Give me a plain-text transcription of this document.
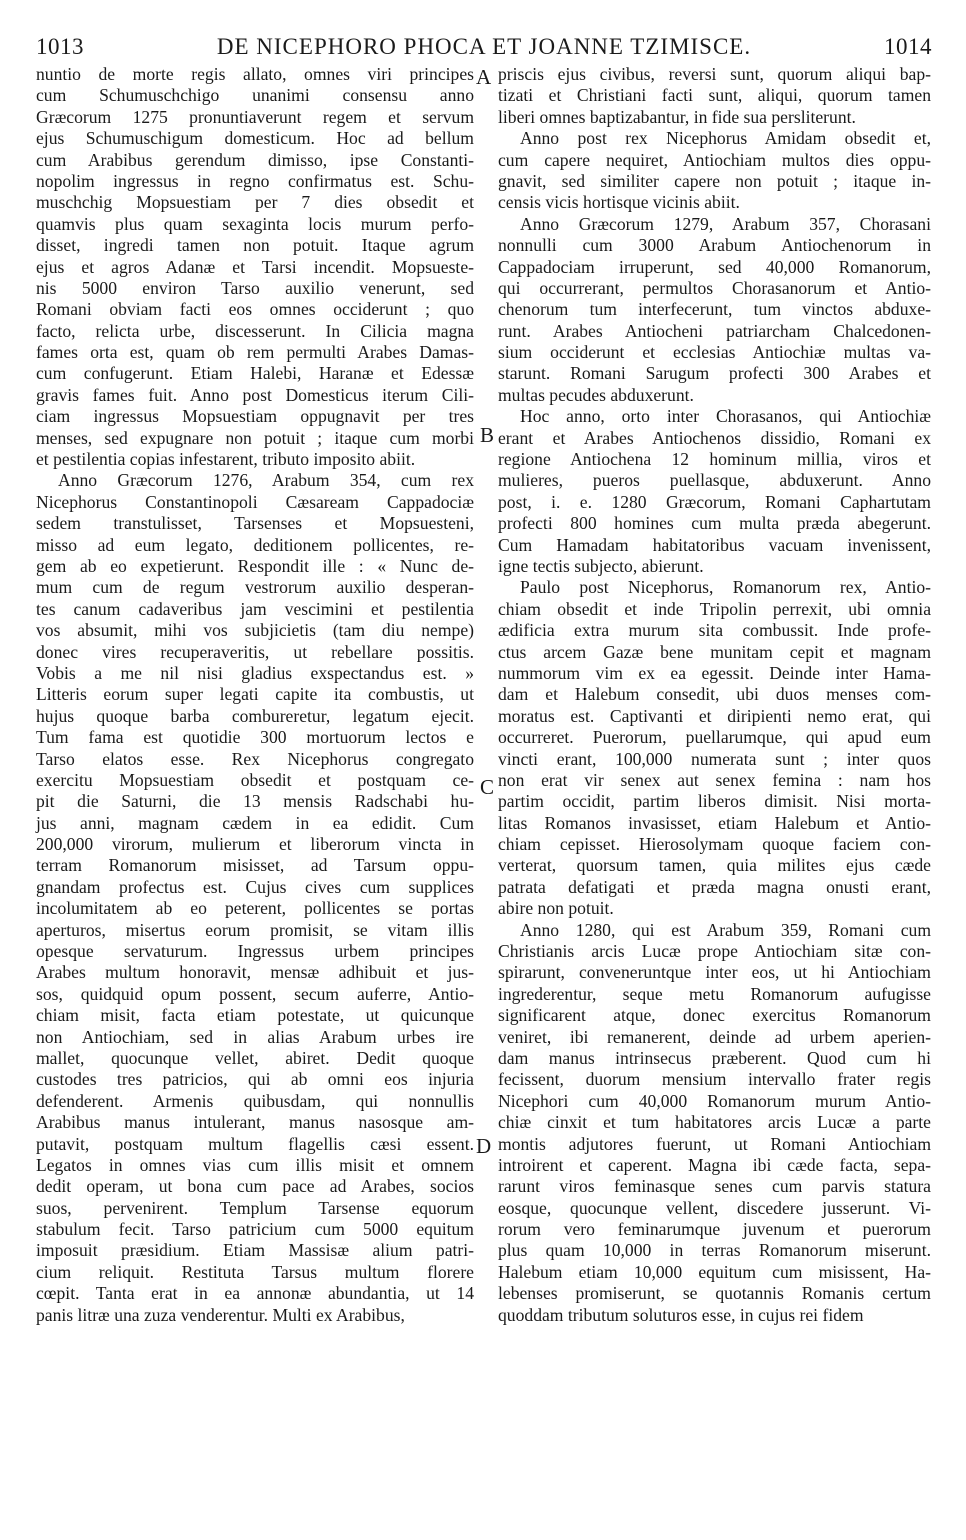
1013	DE NICEPHORO PHOCA ET JOANNE TZIMISCE.	1014
nuntio de morte regis allato, omnes viri principes
cum Schumuschchigo unanimi consensu anno
Græcorum 1275 pronuntiaverunt regem et servum
ejus Schumuschigum domesticum. Hoc ad bellum
cum Arabibus gerendum dimisso, ipse Constanti-
nopolim ingressus in regno confirmatus est. Schu-
muschchig Mopsuestiam per 7 dies obsedit et
quamvis plus quam sexaginta locis murum perfo-
disset, ingredi tamen non potuit. Itaque agrum
ejus et agros Adanæ et Tarsi incendit. Mopsueste-
nis 5000 environ Tarso auxilio venerunt, sed
Romani obviam facti eos omnes occiderunt ; quo
facto, relicta urbe, discesserunt. In Cilicia magna
fames orta est, quam ob rem permulti Arabes Damas-
cum confugerunt. Etiam Halebi, Haranæ et Edessæ
gravis fames fuit. Anno post Domesticus iterum Cili-
ciam ingressus Mopsuestiam oppugnavit per tres
menses, sed expugnare non potuit ; itaque cum morbi
et pestilentia copias infestarent, tributo imposito abiit.
Anno Græcorum 1276, Arabum 354, cum rex
Nicephorus Constantinopoli Cæsaream Cappadociæ
sedem transtulisset, Tarsenses et Mopsuesteni,
misso ad eum legato, deditionem pollicentes, re-
gem ab eo expetierunt. Respondit ille : « Nunc de-
mum cum de regum vestrorum auxilio desperan-
tes canum cadaveribus jam vescimini et pestilentia
vos absumit, mihi vos subjicietis (tam diu nempe)
donec vires recuperaveritis, ut rebellare possitis.
Vobis a me nil nisi gladius exspectandus est. »
Litteris eorum super legati capite ita combustis, ut
hujus quoque barba combureretur, legatum ejecit.
Tum fama est quotidie 300 mortuorum lectos e
Tarso elatos esse. Rex Nicephorus congregato
exercitu Mopsuestiam obsedit et postquam ce-
pit die Saturni, die 13 mensis Radschabi hu-
jus anni, magnam cædem in ea edidit. Cum
200,000 virorum, mulierum et liberorum vincta in
terram Romanorum misisset, ad Tarsum oppu-
gnandam profectus est. Cujus cives cum supplices
incolumitatem ab eo peterent, pollicentes se portas
aperturos, misertus eorum promisit, se vitam illis
opesque servaturum. Ingressus urbem principes
Arabes multum honoravit, mensæ adhibuit et jus-
sos, quidquid opum possent, secum auferre, Antio-
chiam misit, facta etiam potestate, ut quicunque
non Antiochiam, sed in alias Arabum urbes ire
mallet, quocunque vellet, abiret. Dedit quoque
custodes tres patricios, qui ab omni eos injuria
defenderent. Armenis quibusdam, qui nonnullis
Arabibus manus intulerant, manus nasosque am-
putavit, postquam multum flagellis cæsi essent.
Legatos in omnes vias cum illis misit et omnem
dedit operam, ut bona cum pace ad Arabes, socios
suos, pervenirent. Templum Tarsense equorum
stabulum fecit. Tarso patricium cum 5000 equitum
imposuit præsidium. Etiam Massisæ alium patri-
cium reliquit. Restituta Tarsus multum florere
cœpit. Tanta erat in ea annonæ abundantia, ut 14
panis litræ una zuza venderentur. Multi ex Arabibus,
priscis ejus civibus, reversi sunt, quorum aliqui bap-
tizati et Christiani facti sunt, aliqui, quorum tamen
liberi omnes baptizabantur, in fide sua persliterunt.
Anno post rex Nicephorus Amidam obsedit et,
cum capere nequiret, Antiochiam multos dies oppu-
gnavit, sed similiter capere non potuit ; itaque in-
censis vicis hortisque vicinis abiit.
Anno Græcorum 1279, Arabum 357, Chorasani
nonnulli cum 3000 Arabum Antiochenorum in
Cappadociam irruperunt, sed 40,000 Romanorum,
qui occurrerant, permultos Chorasanorum et Antio-
chenorum tum interfecerunt, tum vinctos abduxe-
runt. Arabes Antiocheni patriarcham Chalcedonen-
sium occiderunt et ecclesias Antiochiæ multas va-
starunt. Romani Sarugum profecti 300 Arabes et
multas pecudes abduxerunt.
Hoc anno, orto inter Chorasanos, qui Antiochiæ
erant et Arabes Antiochenos dissidio, Romani ex
regione Antiochena 12 hominum millia, viros et
mulieres, pueros puellasque, abduxerunt. Anno
post, i. e. 1280 Græcorum, Romani Caphartutam
profecti 800 homines cum multa præda abegerunt.
Cum Hamadam habitatoribus vacuam invenissent,
igne tectis subjecto, abierunt.
Paulo post Nicephorus, Romanorum rex, Antio-
chiam obsedit et inde Tripolin perrexit, ubi omnia
ædificia extra murum sita combussit. Inde profe-
ctus arcem Gazæ bene munitam cepit et magnam
nummorum vim ex ea egessit. Deinde inter Hama-
dam et Halebum consedit, ubi duos menses com-
moratus est. Captivanti et diripienti nemo erat, qui
occurreret. Puerorum, puellarumque, qui apud eum
vincti erant, 100,000 numerata sunt ; inter quos
non erat vir senex aut senex femina : nam hos
partim occidit, partim liberos dimisit. Nisi morta-
litas Romanos invasisset, etiam Halebum et Antio-
chiam cepisset. Hierosolymam quoque faciem con-
verterat, quorsum tamen, quia milites ejus cæde
patrata defatigati et præda magna onusti erant,
abire non potuit.
Anno 1280, qui est Arabum 359, Romani cum
Christianis arcis Lucæ prope Antiochiam sitæ con-
spirarunt, conveneruntque inter eos, ut hi Antiochiam
ingrederentur, seque metu Romanorum aufugisse
significarent atque, donec exercitus Romanorum
veniret, ibi remanerent, deinde ad urbem aperien-
dam manus intrinsecus præberent. Quod cum hi
fecissent, duorum mensium intervallo frater regis
Nicephori cum 40,000 Romanorum murum Antio-
chiæ cinxit et tum habitatores arcis Lucæ a parte
montis adjutores fuerunt, ut Romani Antiochiam
introirent et caperent. Magna ibi cæde facta, sepa-
rarunt viros feminasque senes cum parvis statura
eosque, quocunque vellent, discedere jusserunt. Vi-
rorum vero feminarumque juvenum et puerorum
plus quam 10,000 in terras Romanorum miserunt.
Halebum etiam 10,000 equitum cum misissent, Ha-
lebenses promiserunt, se quotannis Romanis certum
quoddam tributum soluturos esse, in cujus rei fidem
A
B
C
D
